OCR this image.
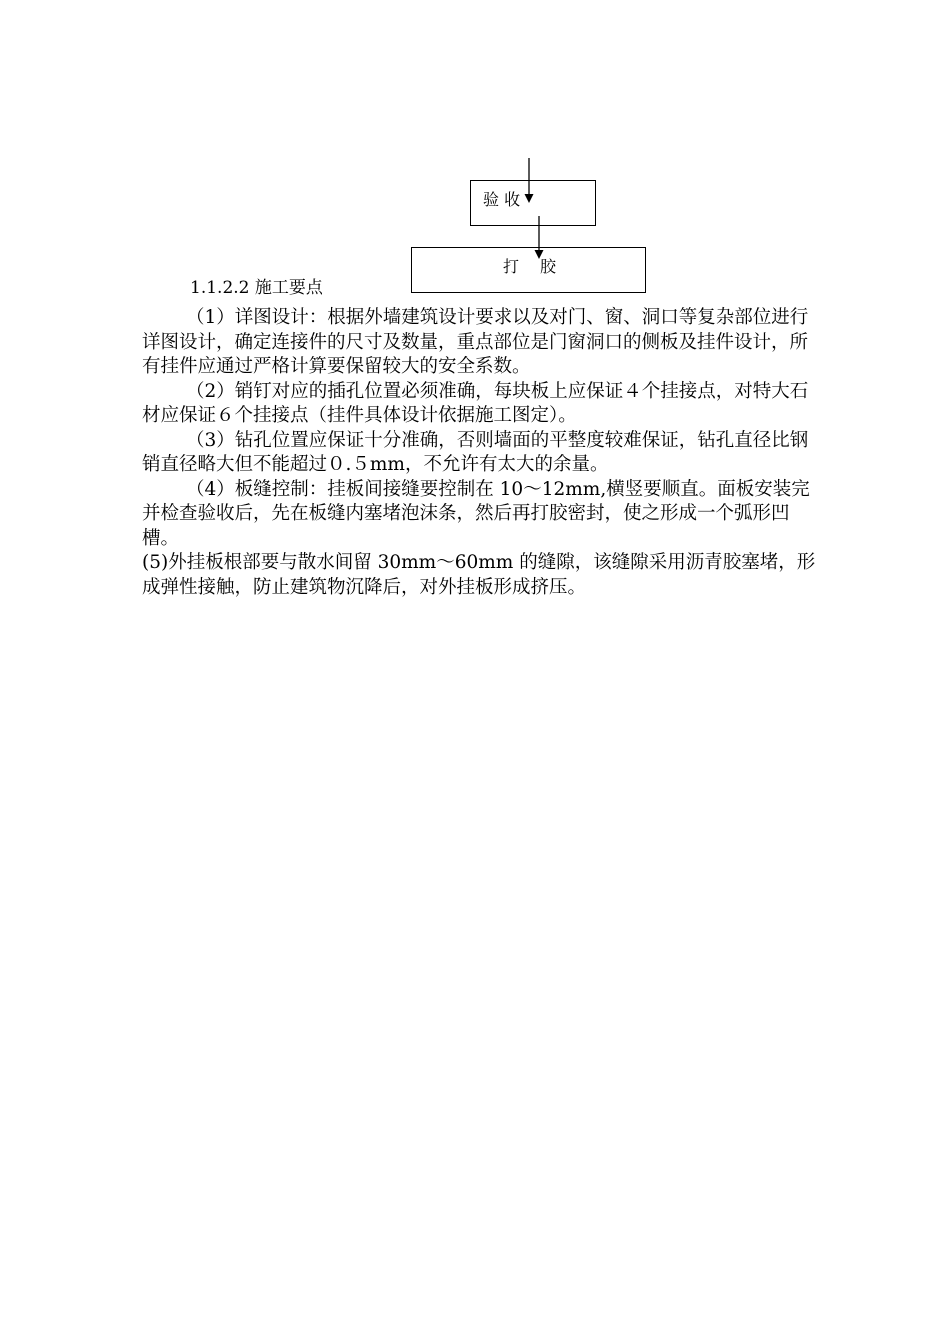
验 收
打 胶
1.1.2.2 施工要点

（1）详图设计：根据外墙建筑设计要求以及对门、窗、洞口等复杂部位进行详图设计，确定连接件的尺寸及数量，重点部位是门窗洞口的侧板及挂件设计，所有挂件应通过严格计算要保留较大的安全系数。

（2）销钉对应的插孔位置必须准确，每块板上应保证４个挂接点，对特大石材应保证６个挂接点（挂件具体设计依据施工图定）。

（3）钻孔位置应保证十分准确，否则墙面的平整度较难保证，钻孔直径比钢销直径略大但不能超过０.５mm，不允许有太大的余量。

（4）板缝控制：挂板间接缝要控制在 10～12mm,横竖要顺直。面板安装完并检查验收后，先在板缝内塞堵泡沫条，然后再打胶密封，使之形成一个弧形凹槽。

(5)外挂板根部要与散水间留 30mm～60mm 的缝隙，该缝隙采用沥青胶塞堵，形成弹性接触，防止建筑物沉降后，对外挂板形成挤压。
